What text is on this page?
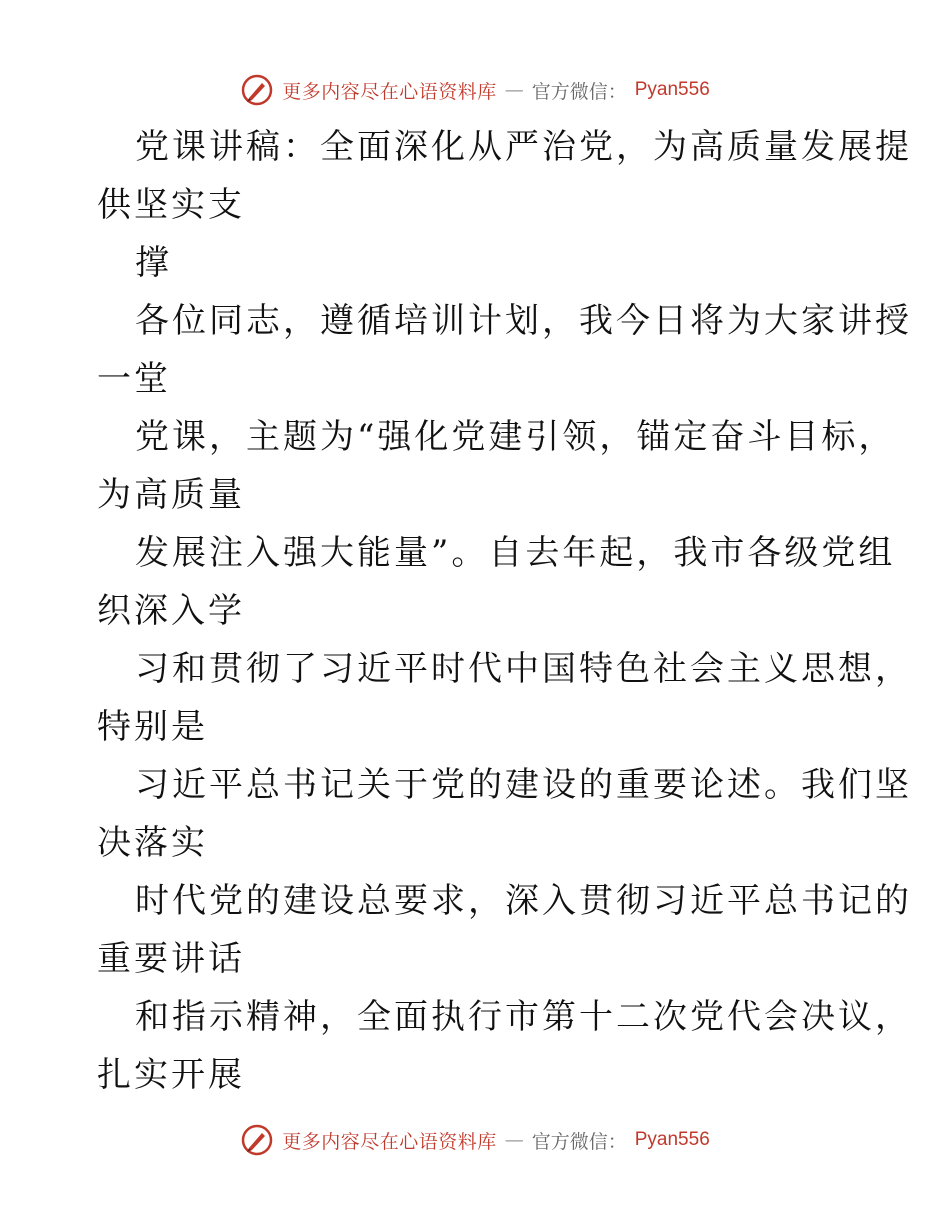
更多内容尽在心语资料库 — 官方微信： Pyan556
党课讲稿：全面深化从严治党，为高质量发展提
供坚实支
撑
各位同志，遵循培训计划，我今日将为大家讲授
一堂
党课，主题为“强化党建引领，锚定奋斗目标，
为高质量
发展注入强大能量”。自去年起，我市各级党组
织深入学
习和贯彻了习近平时代中国特色社会主义思想，
特别是
习近平总书记关于党的建设的重要论述。我们坚
决落实
时代党的建设总要求，深入贯彻习近平总书记的
重要讲话
和指示精神，全面执行市第十二次党代会决议，
扎实开展
更多内容尽在心语资料库 — 官方微信： Pyan556
